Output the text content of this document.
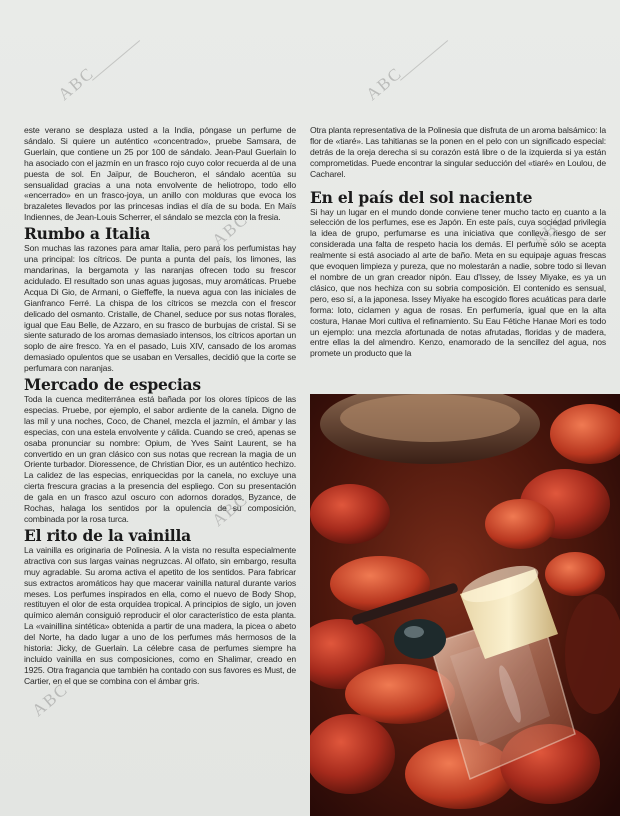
ABC	ABC
ABC	ABC
ABC
ABC

este verano se desplaza usted a la India, póngase un perfume de sándalo. Si quiere un auténtico «concentrado», pruebe Samsara, de Guerlain, que contiene un 25 por 100 de sándalo. Jean-Paul Guerlain lo ha asociado con el jazmín en un frasco rojo cuyo color recuerda al de una puesta de sol. En Jaïpur, de Boucheron, el sándalo acentúa su sensualidad gracias a una nota envolvente de heliotropo, todo ello «encerrado» en un frasco-joya, un anillo con molduras que evoca los brazaletes llevados por las princesas indias el día de su boda. En Maïs Indiennes, de Jean-Louis Scherrer, el sándalo se mezcla con la fresia.

Rumbo a Italia

Son muchas las razones para amar Italia, pero para los perfumistas hay una principal: los cítricos. De punta a punta del país, los limones, las mandarinas, la bergamota y las naranjas ofrecen todo su frescor acidulado. El resultado son unas aguas jugosas, muy aromáticas. Pruebe Acqua Di Gio, de Armani, o Gieffeffe, la nueva agua con las iniciales de Gianfranco Ferré. La chispa de los cítricos se mezcla con el frescor delicado del osmanto. Cristalle, de Chanel, seduce por sus notas florales, igual que Eau Belle, de Azzaro, en su frasco de burbujas de cristal. Si se siente saturado de los aromas demasiado intensos, los cítricos aportan un soplo de aire fresco. Ya en el pasado, Luis XIV, cansado de los aromas demasiado opulentos que se usaban en Versalles, decidió que la corte se perfumara con naranjas.

Mercado de especias

Toda la cuenca mediterránea está bañada por los olores típicos de las especias. Pruebe, por ejemplo, el sabor ardiente de la canela. Digno de las mil y una noches, Coco, de Chanel, mezcla el jazmín, el ámbar y las especias, con una estela envolvente y cálida. Cuando se creó, apenas se osaba pronunciar su nombre: Opium, de Yves Saint Laurent, se ha convertido en un gran clásico con sus notas que recrean la magia de un Oriente turbador. Dioressence, de Christian Dior, es un auténtico hechizo. La calidez de las especias, enriquecidas por la canela, no excluye una cierta frescura gracias a la presencia del espliego. Con su presentación de gala en un frasco azul oscuro con adornos dorados, Byzance, de Rochas, halaga los sentidos por la opulencia de su composición, combinada por la rosa turca.

El rito de la vainilla

La vainilla es originaria de Polinesia. A la vista no resulta especialmente atractiva con sus largas vainas negruzcas. Al olfato, sin embargo, resulta muy agradable. Su aroma activa el apetito de los sentidos. Para fabricar sus extractos aromáticos hay que macerar vainilla natural durante varios meses. Los perfumes inspirados en ella, como el nuevo de Body Shop, restituyen el olor de esta orquídea tropical. A principios de siglo, un joven químico alemán consiguió reproducir el olor característico de esta planta. La «vainillina sintética» obtenida a partir de una madera, la picea o abeto del Norte, ha dado lugar a uno de los perfumes más hermosos de la historia: Jicky, de Guerlain. La célebre casa de perfumes siempre ha incluido vainilla en sus composiciones, como en Shalimar, creado en 1925. Otra fragancia que también ha contado con sus favores es Must, de Cartier, en el que se combina con el ámbar gris.

Otra planta representativa de la Polinesia que disfruta de un aroma balsámico: la flor de «tiaré». Las tahitianas se la ponen en el pelo con un significado especial: detrás de la oreja derecha si su corazón está libre o de la izquierda si ya están comprometidas. Puede encontrar la singular seducción del «tiaré» en Loulou, de Cacharel.

En el país del sol naciente

Si hay un lugar en el mundo donde conviene tener mucho tacto en cuanto a la selección de los perfumes, ese es Japón. En este país, cuya sociedad privilegia la idea de grupo, perfumarse es una iniciativa que conlleva riesgo de ser considerada una falta de respeto hacia los demás. El perfume sólo se acepta realmente si está asociado al arte de baño. Meta en su equipaje aguas frescas que evoquen limpieza y pureza, que no molestarán a nadie, sobre todo si llevan el nombre de un gran creador nipón. Eau d'Issey, de Issey Miyake, es ya un clásico, que nos hechiza con su sobria composición. El contenido es sensual, pero, eso sí, a la japonesa. Issey Miyake ha escogido flores acuáticas para darle forma: loto, ciclamen y agua de rosas. En perfumería, igual que en la alta costura, Hanae Mori cultiva el refinamiento. Su Eau Fétiche Hanae Mori es todo un ejemplo: una mezcla afortunada de notas afrutadas, floridas y de madera, entre ellas la del almendro. Kenzo, enamorado de la sencillez del agua, nos promete un producto que la
